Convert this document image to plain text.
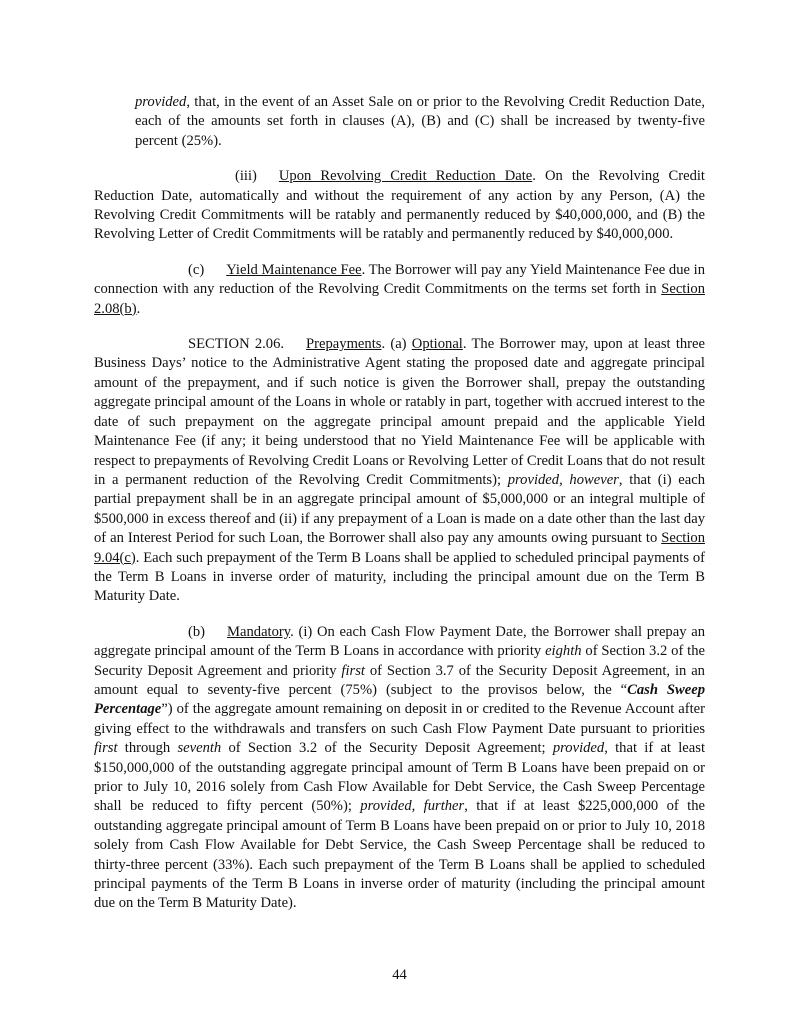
provided, that, in the event of an Asset Sale on or prior to the Revolving Credit Reduction Date, each of the amounts set forth in clauses (A), (B) and (C) shall be increased by twenty-five percent (25%).

(iii) Upon Revolving Credit Reduction Date. On the Revolving Credit Reduction Date, automatically and without the requirement of any action by any Person, (A) the Revolving Credit Commitments will be ratably and permanently reduced by $40,000,000, and (B) the Revolving Letter of Credit Commitments will be ratably and permanently reduced by $40,000,000.

(c) Yield Maintenance Fee. The Borrower will pay any Yield Maintenance Fee due in connection with any reduction of the Revolving Credit Commitments on the terms set forth in Section 2.08(b).

SECTION 2.06. Prepayments. (a) Optional. The Borrower may, upon at least three Business Days’ notice to the Administrative Agent stating the proposed date and aggregate principal amount of the prepayment, and if such notice is given the Borrower shall, prepay the outstanding aggregate principal amount of the Loans in whole or ratably in part, together with accrued interest to the date of such prepayment on the aggregate principal amount prepaid and the applicable Yield Maintenance Fee (if any; it being understood that no Yield Maintenance Fee will be applicable with respect to prepayments of Revolving Credit Loans or Revolving Letter of Credit Loans that do not result in a permanent reduction of the Revolving Credit Commitments); provided, however, that (i) each partial prepayment shall be in an aggregate principal amount of $5,000,000 or an integral multiple of $500,000 in excess thereof and (ii) if any prepayment of a Loan is made on a date other than the last day of an Interest Period for such Loan, the Borrower shall also pay any amounts owing pursuant to Section 9.04(c). Each such prepayment of the Term B Loans shall be applied to scheduled principal payments of the Term B Loans in inverse order of maturity, including the principal amount due on the Term B Maturity Date.

(b) Mandatory. (i) On each Cash Flow Payment Date, the Borrower shall prepay an aggregate principal amount of the Term B Loans in accordance with priority eighth of Section 3.2 of the Security Deposit Agreement and priority first of Section 3.7 of the Security Deposit Agreement, in an amount equal to seventy-five percent (75%) (subject to the provisos below, the “Cash Sweep Percentage”) of the aggregate amount remaining on deposit in or credited to the Revenue Account after giving effect to the withdrawals and transfers on such Cash Flow Payment Date pursuant to priorities first through seventh of Section 3.2 of the Security Deposit Agreement; provided, that if at least $150,000,000 of the outstanding aggregate principal amount of Term B Loans have been prepaid on or prior to July 10, 2016 solely from Cash Flow Available for Debt Service, the Cash Sweep Percentage shall be reduced to fifty percent (50%); provided, further, that if at least $225,000,000 of the outstanding aggregate principal amount of Term B Loans have been prepaid on or prior to July 10, 2018 solely from Cash Flow Available for Debt Service, the Cash Sweep Percentage shall be reduced to thirty-three percent (33%). Each such prepayment of the Term B Loans shall be applied to scheduled principal payments of the Term B Loans in inverse order of maturity (including the principal amount due on the Term B Maturity Date).

44
